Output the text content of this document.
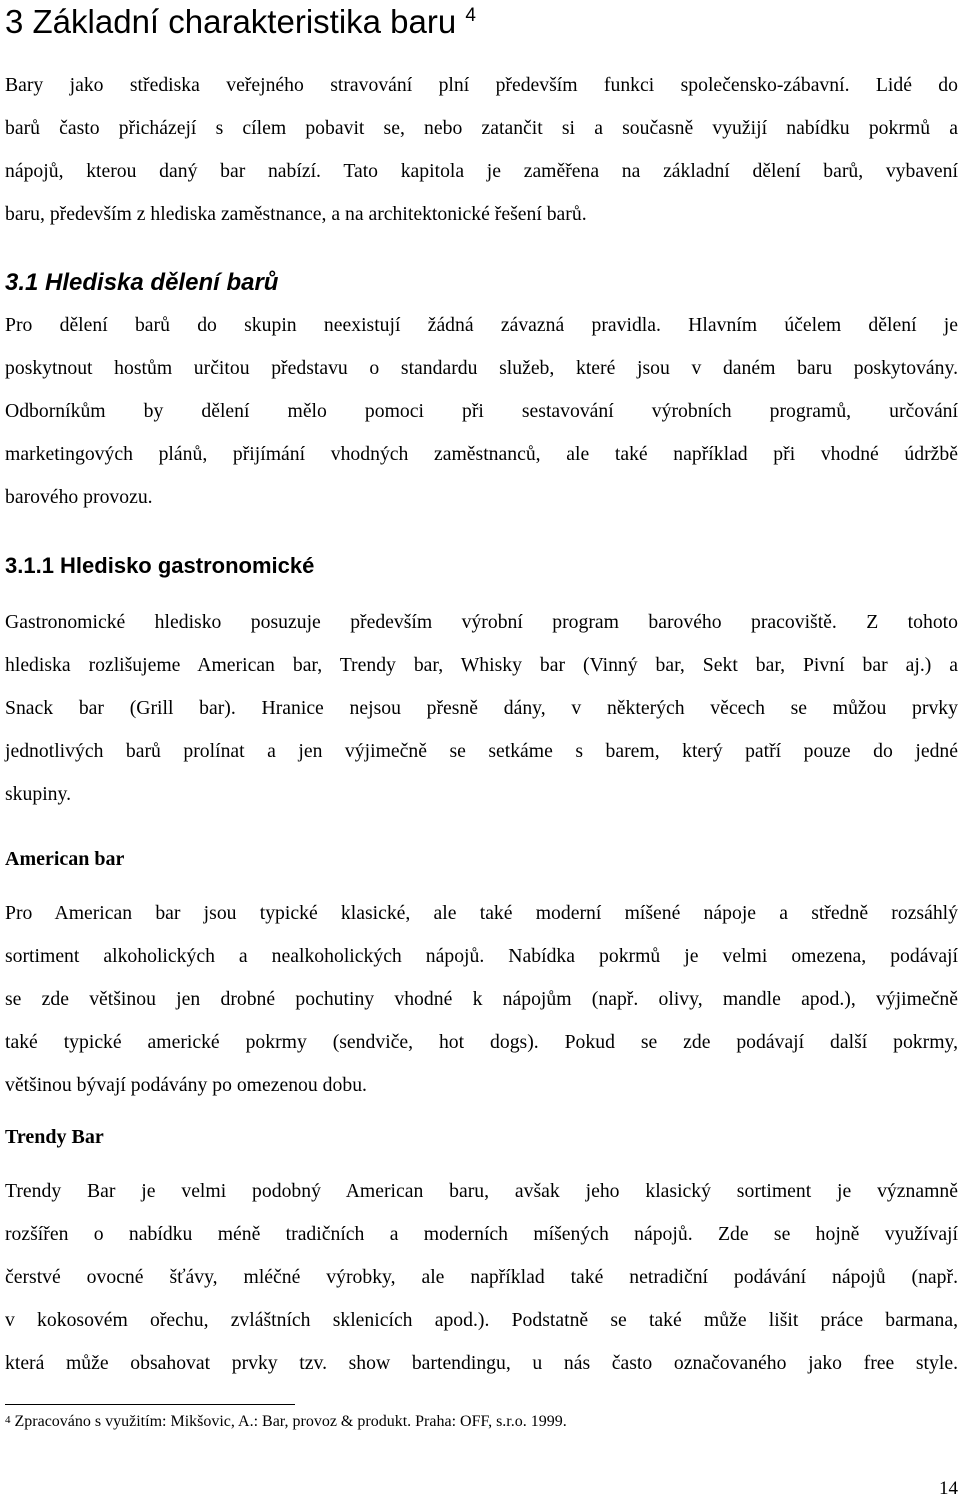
3 Základní charakteristika baru $^4$
Bary jako střediska veřejného stravování plní především funkci společensko-zábavní. Lidé do
barů často přicházejí s cílem pobavit se, nebo zatančit si a současně využijí nabídku pokrmů a
nápojů, kterou daný bar nabízí. Tato kapitola je zaměřena na základní dělení barů, vybavení
baru, především z hlediska zaměstnance, a na architektonické řešení barů.
3.1 Hlediska dělení barů
Pro dělení barů do skupin neexistují žádná závazná pravidla. Hlavním účelem dělení je
poskytnout hostům určitou představu o standardu služeb, které jsou v daném baru poskytovány.
Odborníkům by dělení mělo pomoci při sestavování výrobních programů, určování
marketingových plánů, přijímání vhodných zaměstnanců, ale také například při vhodné údržbě
barového provozu.
3.1.1 Hledisko gastronomické
Gastronomické hledisko posuzuje především výrobní program barového pracoviště. Z tohoto
hlediska rozlišujeme American bar, Trendy bar, Whisky bar (Vinný bar, Sekt bar, Pivní bar aj.) a
Snack bar (Grill bar). Hranice nejsou přesně dány, v některých věcech se můžou prvky
jednotlivých barů prolínat a jen výjimečně se setkáme s barem, který patří pouze do jedné
skupiny.
American bar
Pro American bar jsou typické klasické, ale také moderní míšené nápoje a středně rozsáhlý
sortiment alkoholických a nealkoholických nápojů. Nabídka pokrmů je velmi omezena, podávají
se zde většinou jen drobné pochutiny vhodné k nápojům (např. olivy, mandle apod.), výjimečně
také typické americké pokrmy (sendviče, hot dogs). Pokud se zde podávají další pokrmy,
většinou bývají podávány po omezenou dobu.
Trendy Bar
Trendy Bar je velmi podobný American baru, avšak jeho klasický sortiment je významně
rozšířen o nabídku méně tradičních a moderních míšených nápojů. Zde se hojně využívají
čerstvé ovocné šťávy, mléčné výrobky, ale například také netradiční podávání nápojů (např.
v kokosovém ořechu, zvláštních sklenicích apod.). Podstatně se také může lišit práce barmana,
která může obsahovat prvky tzv. show bartendingu, u nás často označovaného jako free style.
$^4$ Zpracováno s využitím: Mikšovic, A.: Bar, provoz & produkt. Praha: OFF, s.r.o. 1999.
14
